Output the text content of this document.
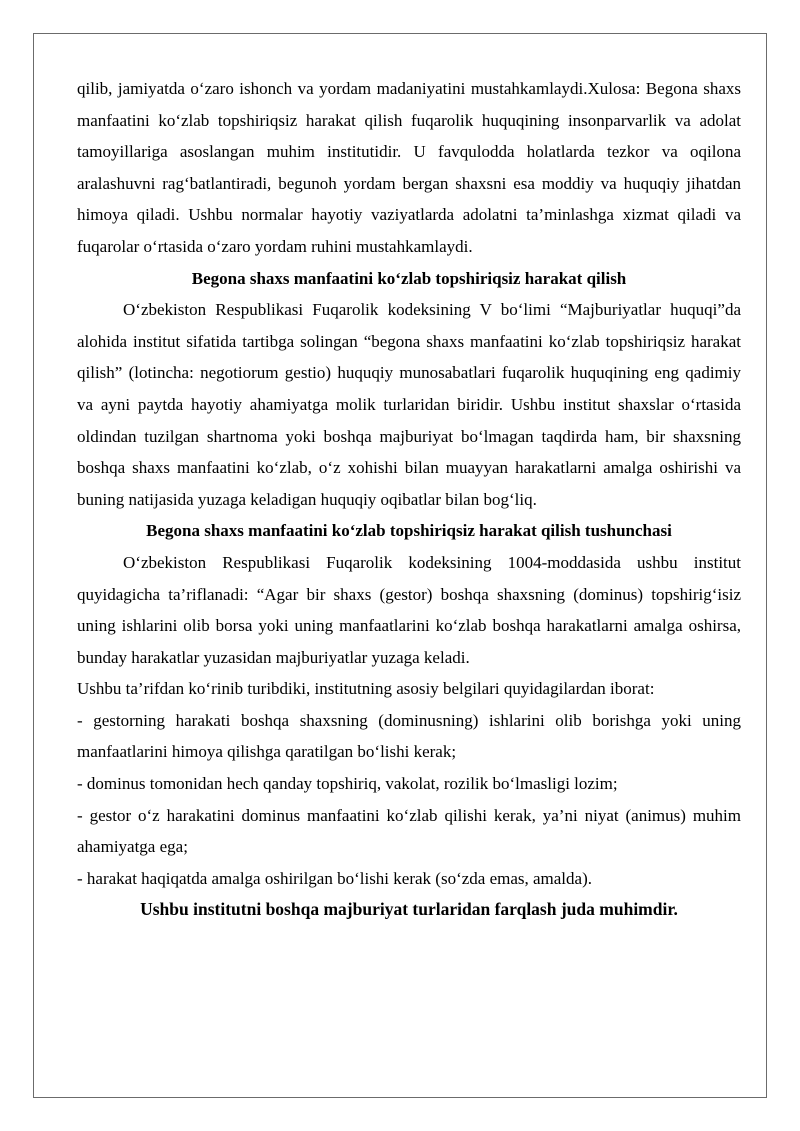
qilib, jamiyatda o‘zaro ishonch va yordam madaniyatini mustahkamlaydi.Xulosa: Begona shaxs manfaatini ko‘zlab topshiriqsiz harakat qilish fuqarolik huquqining insonparvarlik va adolat tamoyillariga asoslangan muhim institutidir. U favqulodda holatlarda tezkor va oqilona aralashuvni rag‘batlantiradi, begunoh yordam bergan shaxsni esa moddiy va huquqiy jihatdan himoya qiladi. Ushbu normalar hayotiy vaziyatlarda adolatni ta’minlashga xizmat qiladi va fuqarolar o‘rtasida o‘zaro yordam ruhini mustahkamlaydi.

Begona shaxs manfaatini ko‘zlab topshiriqsiz harakat qilish

O‘zbekiston Respublikasi Fuqarolik kodeksining V bo‘limi “Majburiyatlar huquqi”da alohida institut sifatida tartibga solingan “begona shaxs manfaatini ko‘zlab topshiriqsiz harakat qilish” (lotincha: negotiorum gestio) huquqiy munosabatlari fuqarolik huquqining eng qadimiy va ayni paytda hayotiy ahamiyatga molik turlaridan biridir. Ushbu institut shaxslar o‘rtasida oldindan tuzilgan shartnoma yoki boshqa majburiyat bo‘lmagan taqdirda ham, bir shaxsning boshqa shaxs manfaatini ko‘zlab, o‘z xohishi bilan muayyan harakatlarni amalga oshirishi va buning natijasida yuzaga keladigan huquqiy oqibatlar bilan bog‘liq.

Begona shaxs manfaatini ko‘zlab topshiriqsiz harakat qilish tushunchasi

O‘zbekiston Respublikasi Fuqarolik kodeksining 1004-moddasida ushbu institut quyidagicha ta’riflanadi: “Agar bir shaxs (gestor) boshqa shaxsning (dominus) topshirig‘isiz uning ishlarini olib borsa yoki uning manfaatlarini ko‘zlab boshqa harakatlarni amalga oshirsa, bunday harakatlar yuzasidan majburiyatlar yuzaga keladi.

Ushbu ta’rifdan ko‘rinib turibdiki, institutning asosiy belgilari quyidagilardan iborat:

- gestorning harakati boshqa shaxsning (dominusning) ishlarini olib borishga yoki uning manfaatlarini himoya qilishga qaratilgan bo‘lishi kerak;

- dominus tomonidan hech qanday topshiriq, vakolat, rozilik bo‘lmasligi lozim;

- gestor o‘z harakatini dominus manfaatini ko‘zlab qilishi kerak, ya’ni niyat (animus) muhim ahamiyatga ega;

- harakat haqiqatda amalga oshirilgan bo‘lishi kerak (so‘zda emas, amalda).

Ushbu institutni boshqa majburiyat turlaridan farqlash juda muhimdir.
